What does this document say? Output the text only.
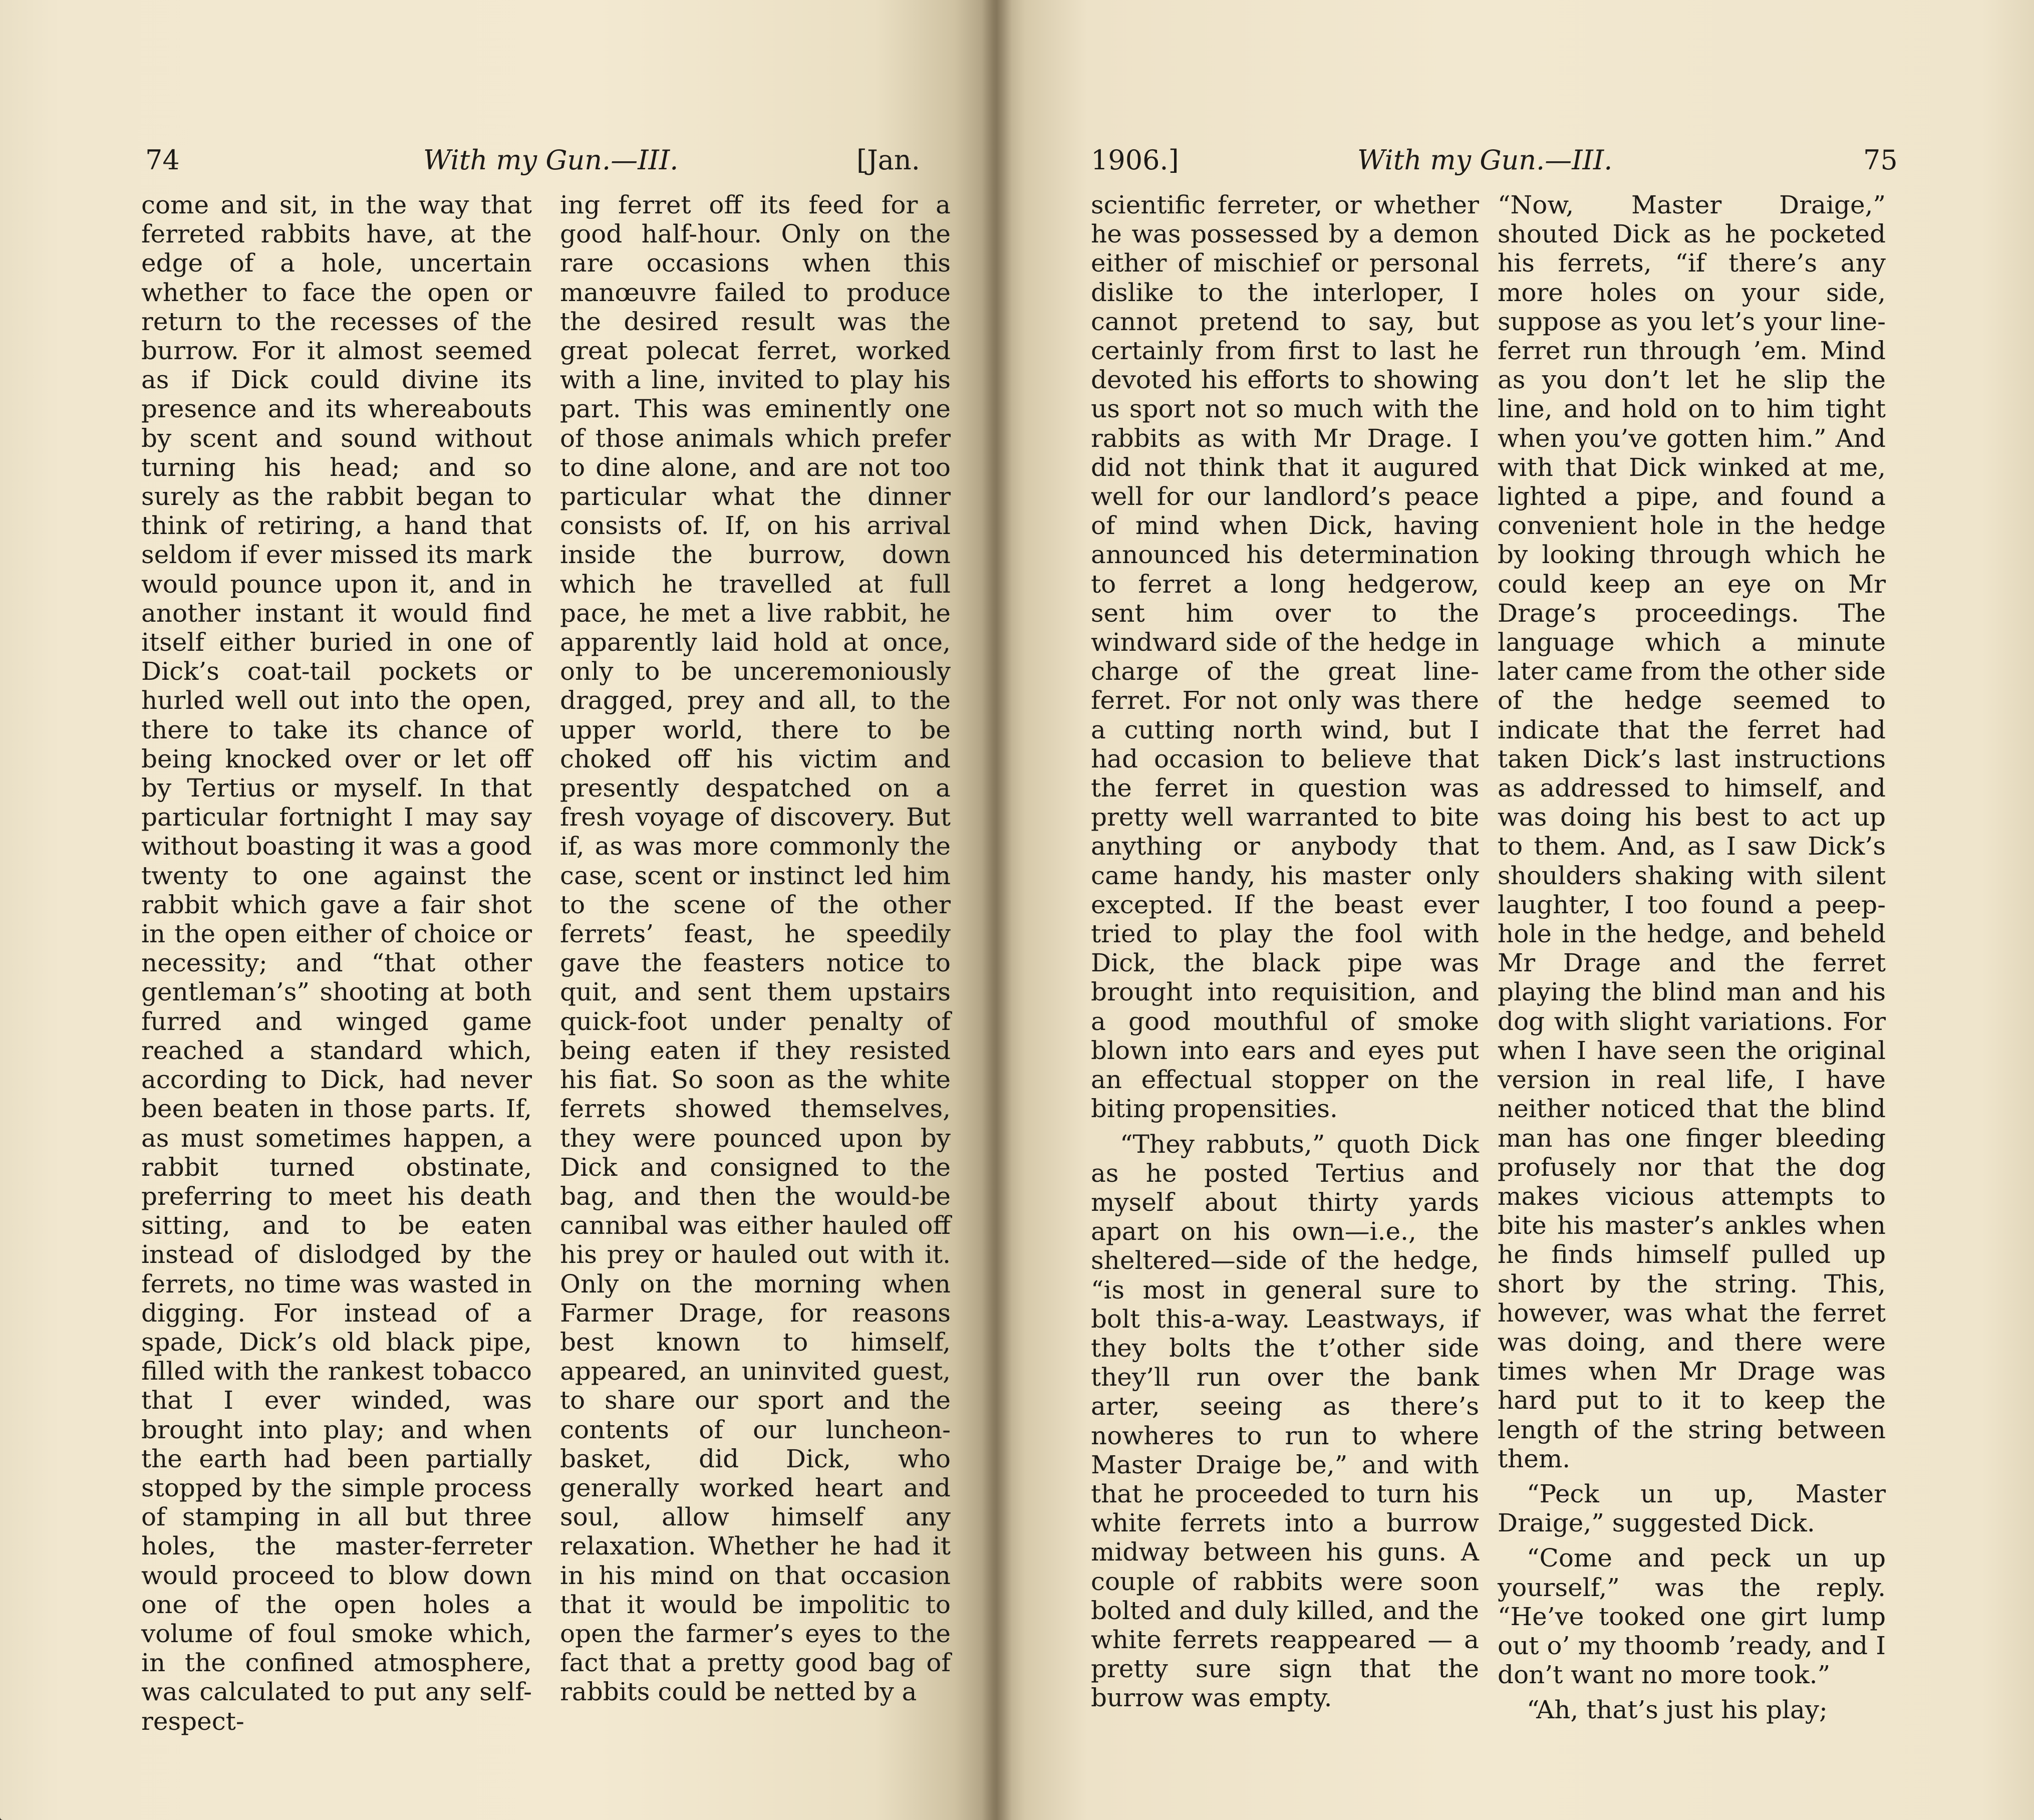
74	With my Gun.—III.	[Jan.

come and sit, in the way that ferreted rabbits have, at the edge of a hole, uncertain whether to face the open or return to the recesses of the burrow. For it almost seemed as if Dick could divine its presence and its whereabouts by scent and sound without turning his head; and so surely as the rabbit began to think of retiring, a hand that seldom if ever missed its mark would pounce upon it, and in another instant it would find itself either buried in one of Dick’s coat-tail pockets or hurled well out into the open, there to take its chance of being knocked over or let off by Tertius or myself. In that particular fortnight I may say without boasting it was a good twenty to one against the rabbit which gave a fair shot in the open either of choice or necessity; and “that other gentleman’s” shooting at both furred and winged game reached a standard which, according to Dick, had never been beaten in those parts. If, as must sometimes happen, a rabbit turned obstinate, preferring to meet his death sitting, and to be eaten instead of dislodged by the ferrets, no time was wasted in digging. For instead of a spade, Dick’s old black pipe, filled with the rankest tobacco that I ever winded, was brought into play; and when the earth had been partially stopped by the simple process of stamping in all but three holes, the master-ferreter would proceed to blow down one of the open holes a volume of foul smoke which, in the confined atmosphere, was calculated to put any self-respect-

ing ferret off its feed for a good half-hour. Only on the rare occasions when this manœuvre failed to produce the desired result was the great polecat ferret, worked with a line, invited to play his part. This was eminently one of those animals which prefer to dine alone, and are not too particular what the dinner consists of. If, on his arrival inside the burrow, down which he travelled at full pace, he met a live rabbit, he apparently laid hold at once, only to be unceremoniously dragged, prey and all, to the upper world, there to be choked off his victim and presently despatched on a fresh voyage of discovery. But if, as was more commonly the case, scent or instinct led him to the scene of the other ferrets’ feast, he speedily gave the feasters notice to quit, and sent them upstairs quick-foot under penalty of being eaten if they resisted his fiat. So soon as the white ferrets showed themselves, they were pounced upon by Dick and consigned to the bag, and then the would-be cannibal was either hauled off his prey or hauled out with it. Only on the morning when Farmer Drage, for reasons best known to himself, appeared, an uninvited guest, to share our sport and the contents of our luncheon-basket, did Dick, who generally worked heart and soul, allow himself any relaxation. Whether he had it in his mind on that occasion that it would be impolitic to open the farmer’s eyes to the fact that a pretty good bag of rabbits could be netted by a

1906.]	With my Gun.—III.	75

scientific ferreter, or whether he was possessed by a demon either of mischief or personal dislike to the interloper, I cannot pretend to say, but certainly from first to last he devoted his efforts to showing us sport not so much with the rabbits as with Mr Drage. I did not think that it augured well for our landlord’s peace of mind when Dick, having announced his determination to ferret a long hedgerow, sent him over to the windward side of the hedge in charge of the great line-ferret. For not only was there a cutting north wind, but I had occasion to believe that the ferret in question was pretty well warranted to bite anything or anybody that came handy, his master only excepted. If the beast ever tried to play the fool with Dick, the black pipe was brought into requisition, and a good mouthful of smoke blown into ears and eyes put an effectual stopper on the biting propensities.

“They rabbuts,” quoth Dick as he posted Tertius and myself about thirty yards apart on his own—i.e., the sheltered—side of the hedge, “is most in general sure to bolt this-a-way. Leastways, if they bolts the t’other side they’ll run over the bank arter, seeing as there’s nowheres to run to where Master Draige be,” and with that he proceeded to turn his white ferrets into a burrow midway between his guns. A couple of rabbits were soon bolted and duly killed, and the white ferrets reappeared — a pretty sure sign that the burrow was empty.

“Now, Master Draige,” shouted Dick as he pocketed his ferrets, “if there’s any more holes on your side, suppose as you let’s your line-ferret run through ’em. Mind as you don’t let he slip the line, and hold on to him tight when you’ve gotten him.” And with that Dick winked at me, lighted a pipe, and found a convenient hole in the hedge by looking through which he could keep an eye on Mr Drage’s proceedings. The language which a minute later came from the other side of the hedge seemed to indicate that the ferret had taken Dick’s last instructions as addressed to himself, and was doing his best to act up to them. And, as I saw Dick’s shoulders shaking with silent laughter, I too found a peep-hole in the hedge, and beheld Mr Drage and the ferret playing the blind man and his dog with slight variations. For when I have seen the original version in real life, I have neither noticed that the blind man has one finger bleeding profusely nor that the dog makes vicious attempts to bite his master’s ankles when he finds himself pulled up short by the string. This, however, was what the ferret was doing, and there were times when Mr Drage was hard put to it to keep the length of the string between them.

“Peck un up, Master Draige,” suggested Dick.

“Come and peck un up yourself,” was the reply. “He’ve tooked one girt lump out o’ my thoomb ’ready, and I don’t want no more took.”

“Ah, that’s just his play;
